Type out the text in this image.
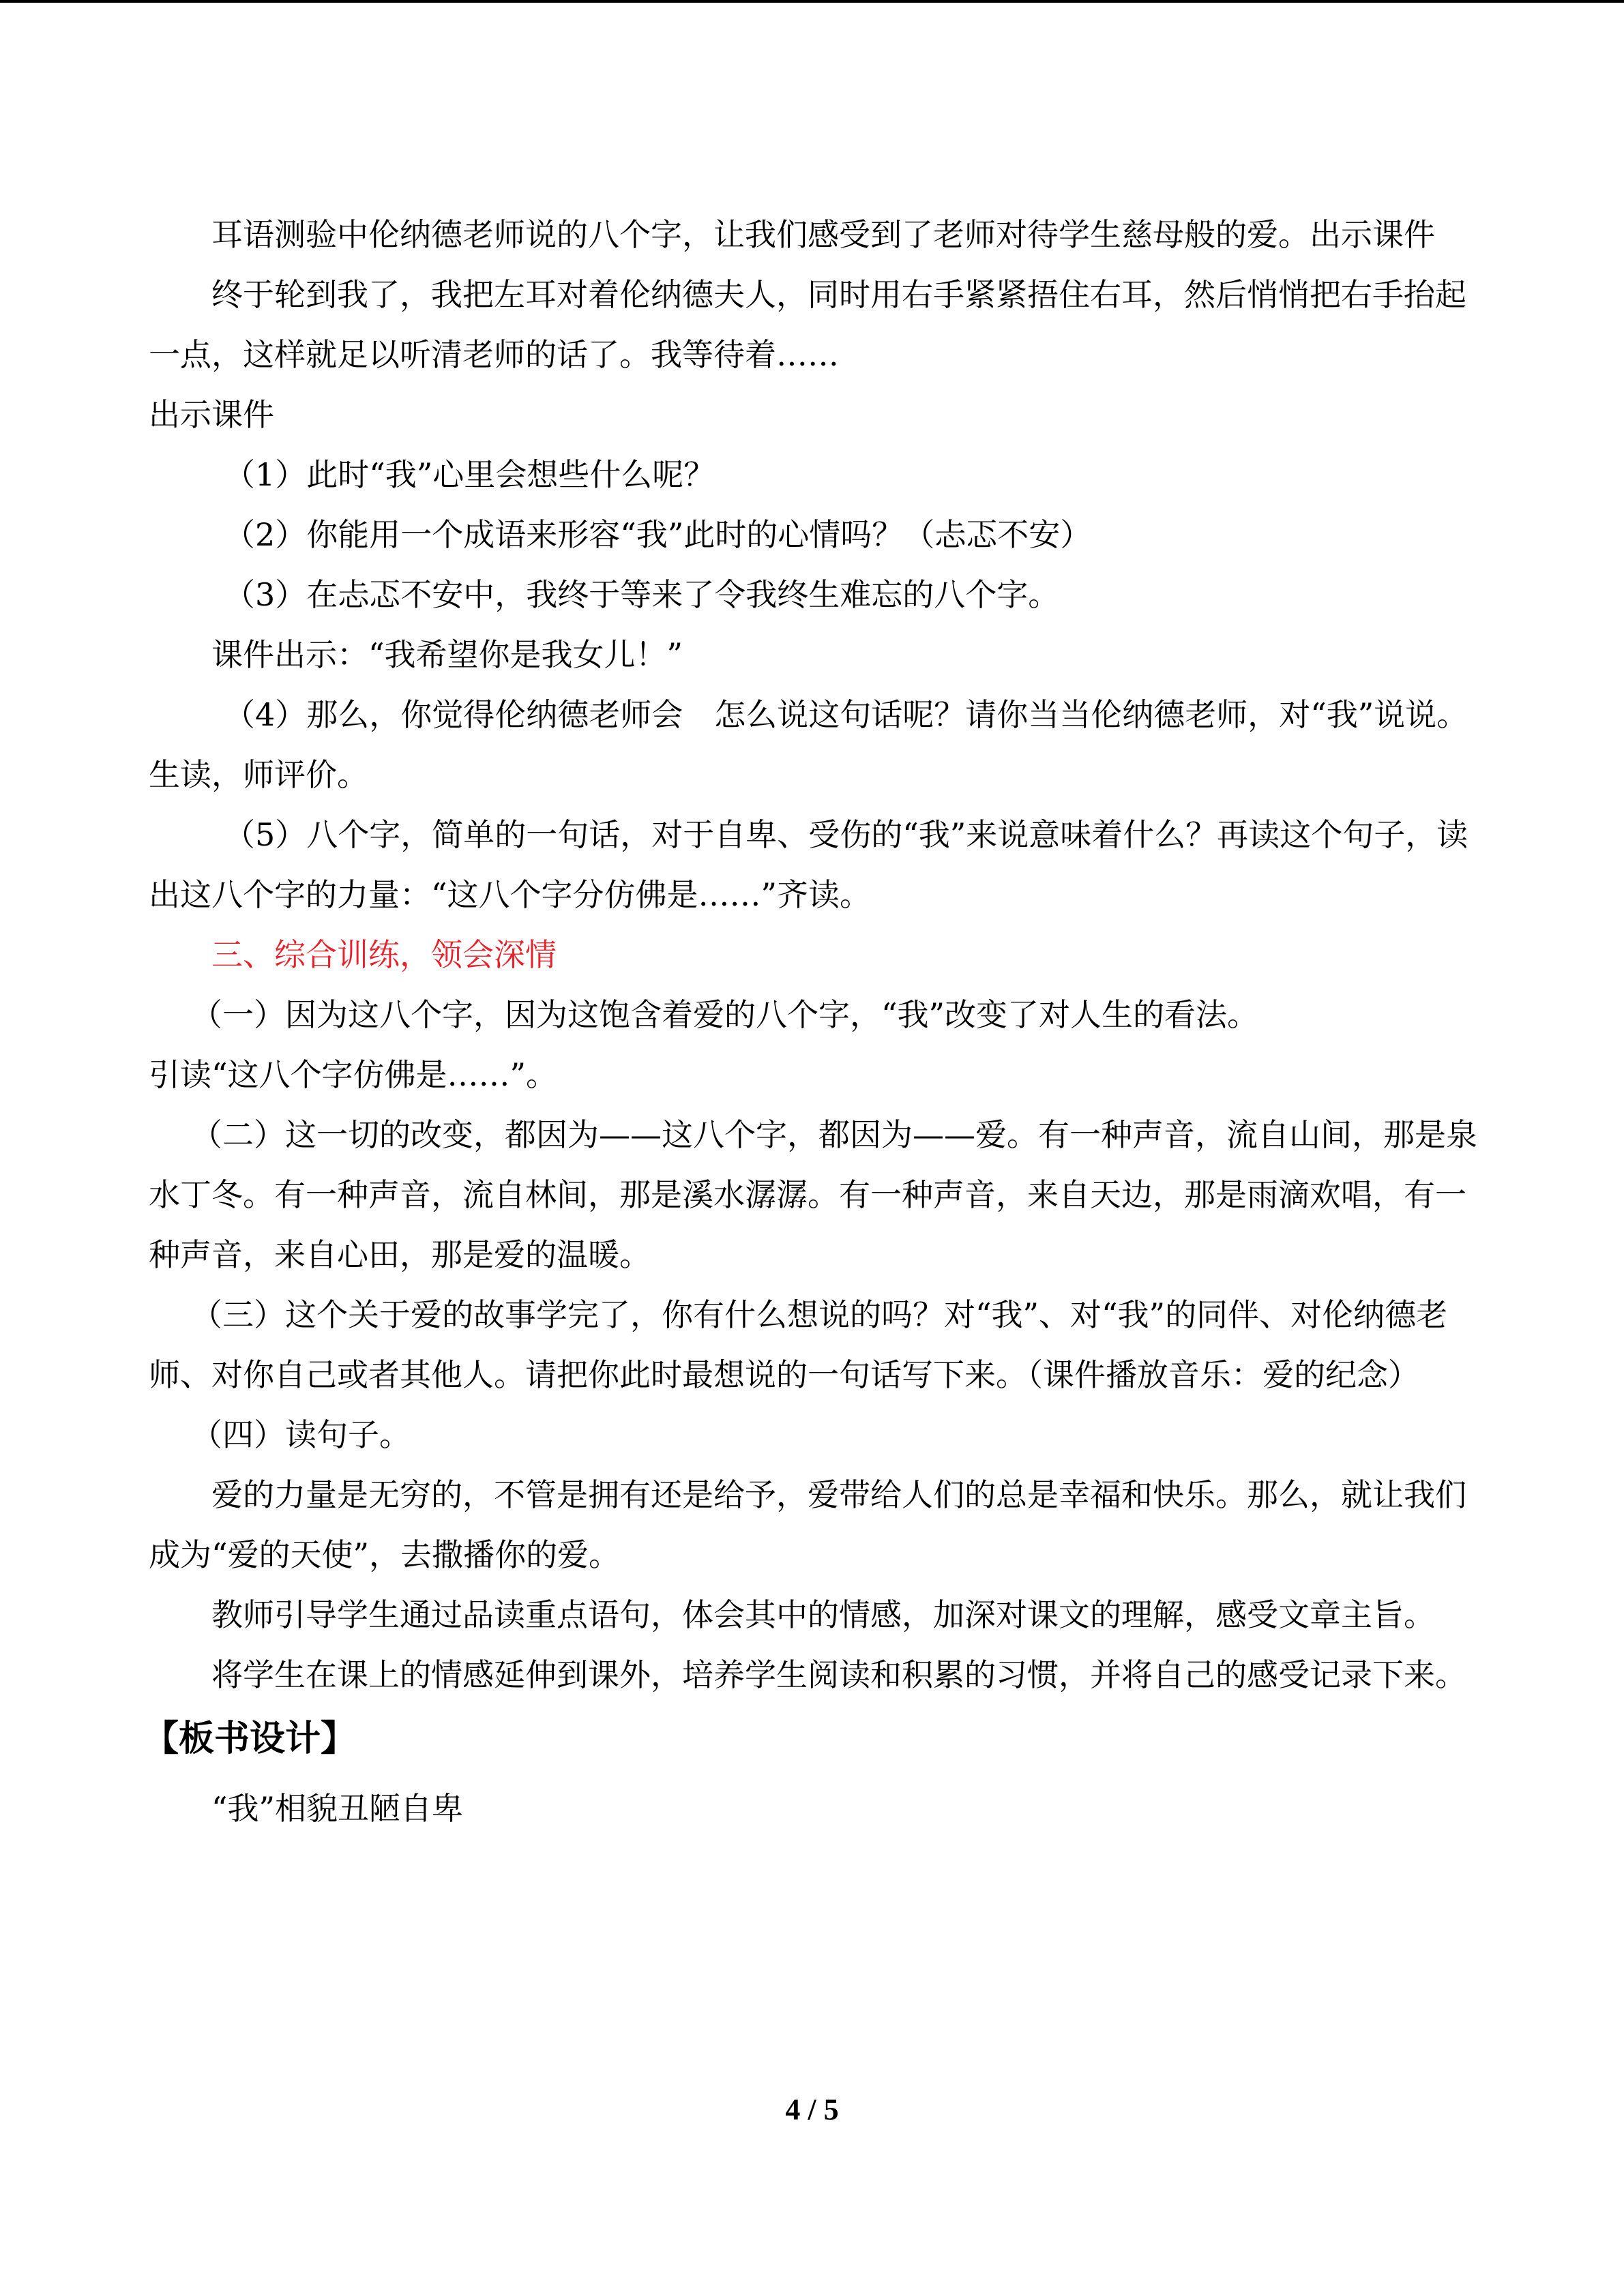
耳语测验中伦纳德老师说的八个字，让我们感受到了老师对待学生慈母般的爱。出示课件

终于轮到我了，我把左耳对着伦纳德夫人，同时用右手紧紧捂住右耳，然后悄悄把右手抬起一点，这样就足以听清老师的话了。我等待着……

出示课件

（1）此时“我”心里会想些什么呢？

（2）你能用一个成语来形容“我”此时的心情吗？（忐忑不安）

（3）在忐忑不安中，我终于等来了令我终生难忘的八个字。

课件出示：“我希望你是我女儿！”

（4）那么，你觉得伦纳德老师会　怎么说这句话呢？请你当当伦纳德老师，对“我”说说。生读，师评价。

（5）八个字，简单的一句话，对于自卑、受伤的“我”来说意味着什么？再读这个句子，读出这八个字的力量：“这八个字分仿佛是……”齐读。

三、综合训练，领会深情

（一）因为这八个字，因为这饱含着爱的八个字，“我”改变了对人生的看法。

引读“这八个字仿佛是……”。

（二）这一切的改变，都因为——这八个字，都因为——爱。有一种声音，流自山间，那是泉水丁冬。有一种声音，流自林间，那是溪水潺潺。有一种声音，来自天边，那是雨滴欢唱，有一种声音，来自心田，那是爱的温暖。

（三）这个关于爱的故事学完了，你有什么想说的吗？对“我”、对“我”的同伴、对伦纳德老师、对你自己或者其他人。请把你此时最想说的一句话写下来。（课件播放音乐：爱的纪念）

（四）读句子。

爱的力量是无穷的，不管是拥有还是给予，爱带给人们的总是幸福和快乐。那么，就让我们成为“爱的天使”，去撒播你的爱。

教师引导学生通过品读重点语句，体会其中的情感，加深对课文的理解，感受文章主旨。

将学生在课上的情感延伸到课外，培养学生阅读和积累的习惯，并将自己的感受记录下来。

【板书设计】

“我”相貌丑陋自卑

4 / 5
